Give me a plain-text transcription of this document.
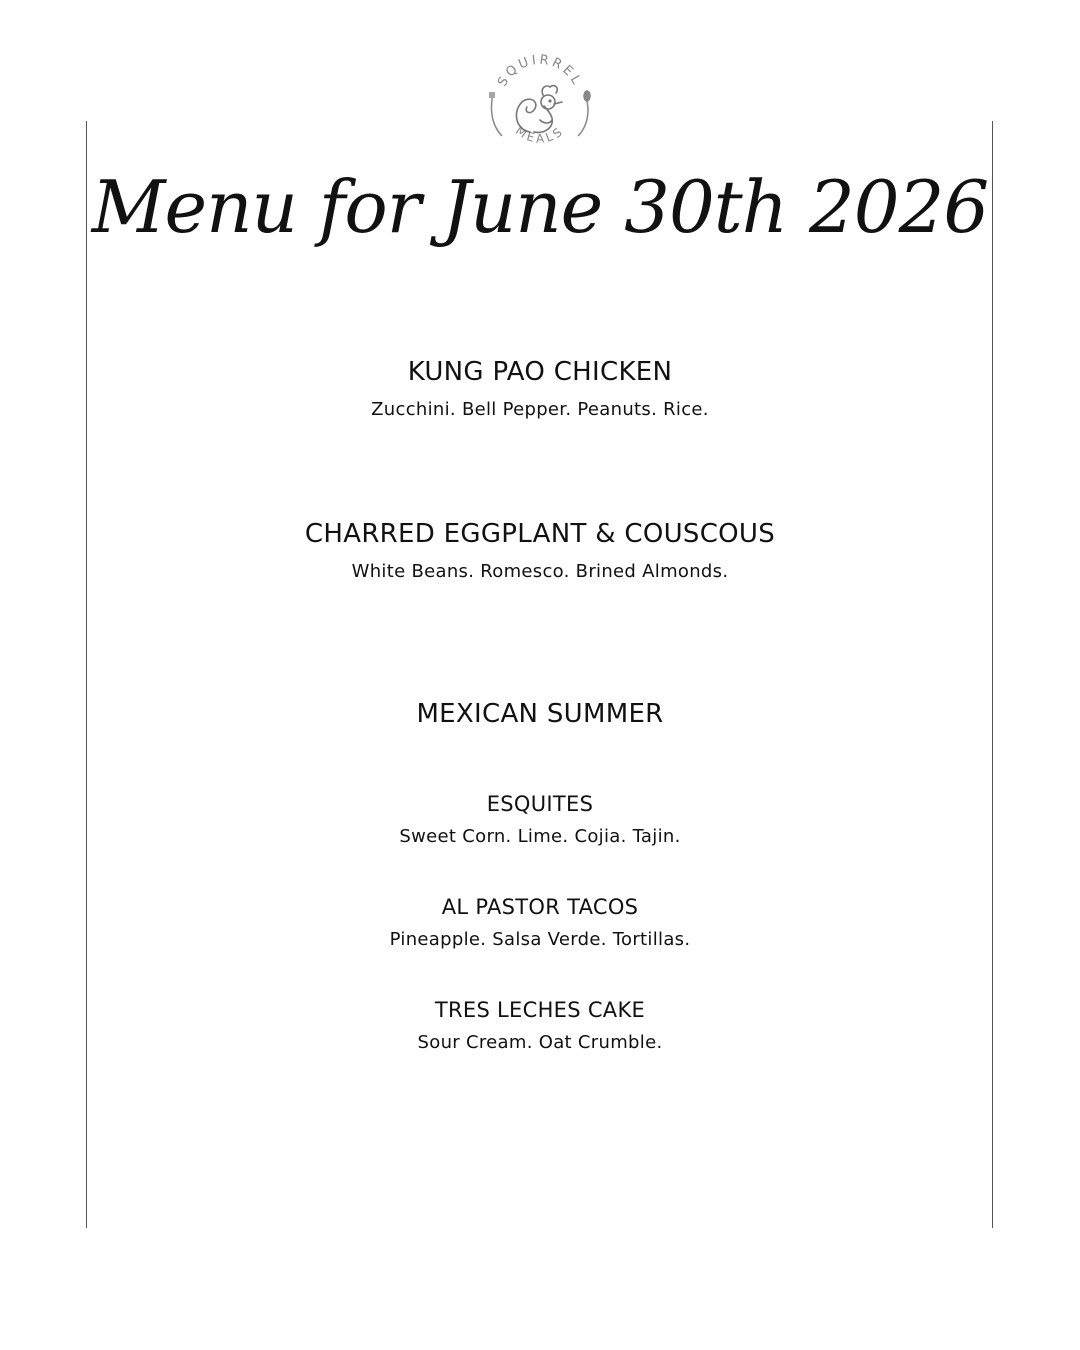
SQUIRREL
MEALS
Menu for June 30th 2026
KUNG PAO CHICKEN
Zucchini. Bell Pepper. Peanuts. Rice.
CHARRED EGGPLANT & COUSCOUS
White Beans. Romesco. Brined Almonds.
MEXICAN SUMMER
ESQUITES
Sweet Corn. Lime. Cojia. Tajin.
AL PASTOR TACOS
Pineapple. Salsa Verde. Tortillas.
TRES LECHES CAKE
Sour Cream. Oat Crumble.
